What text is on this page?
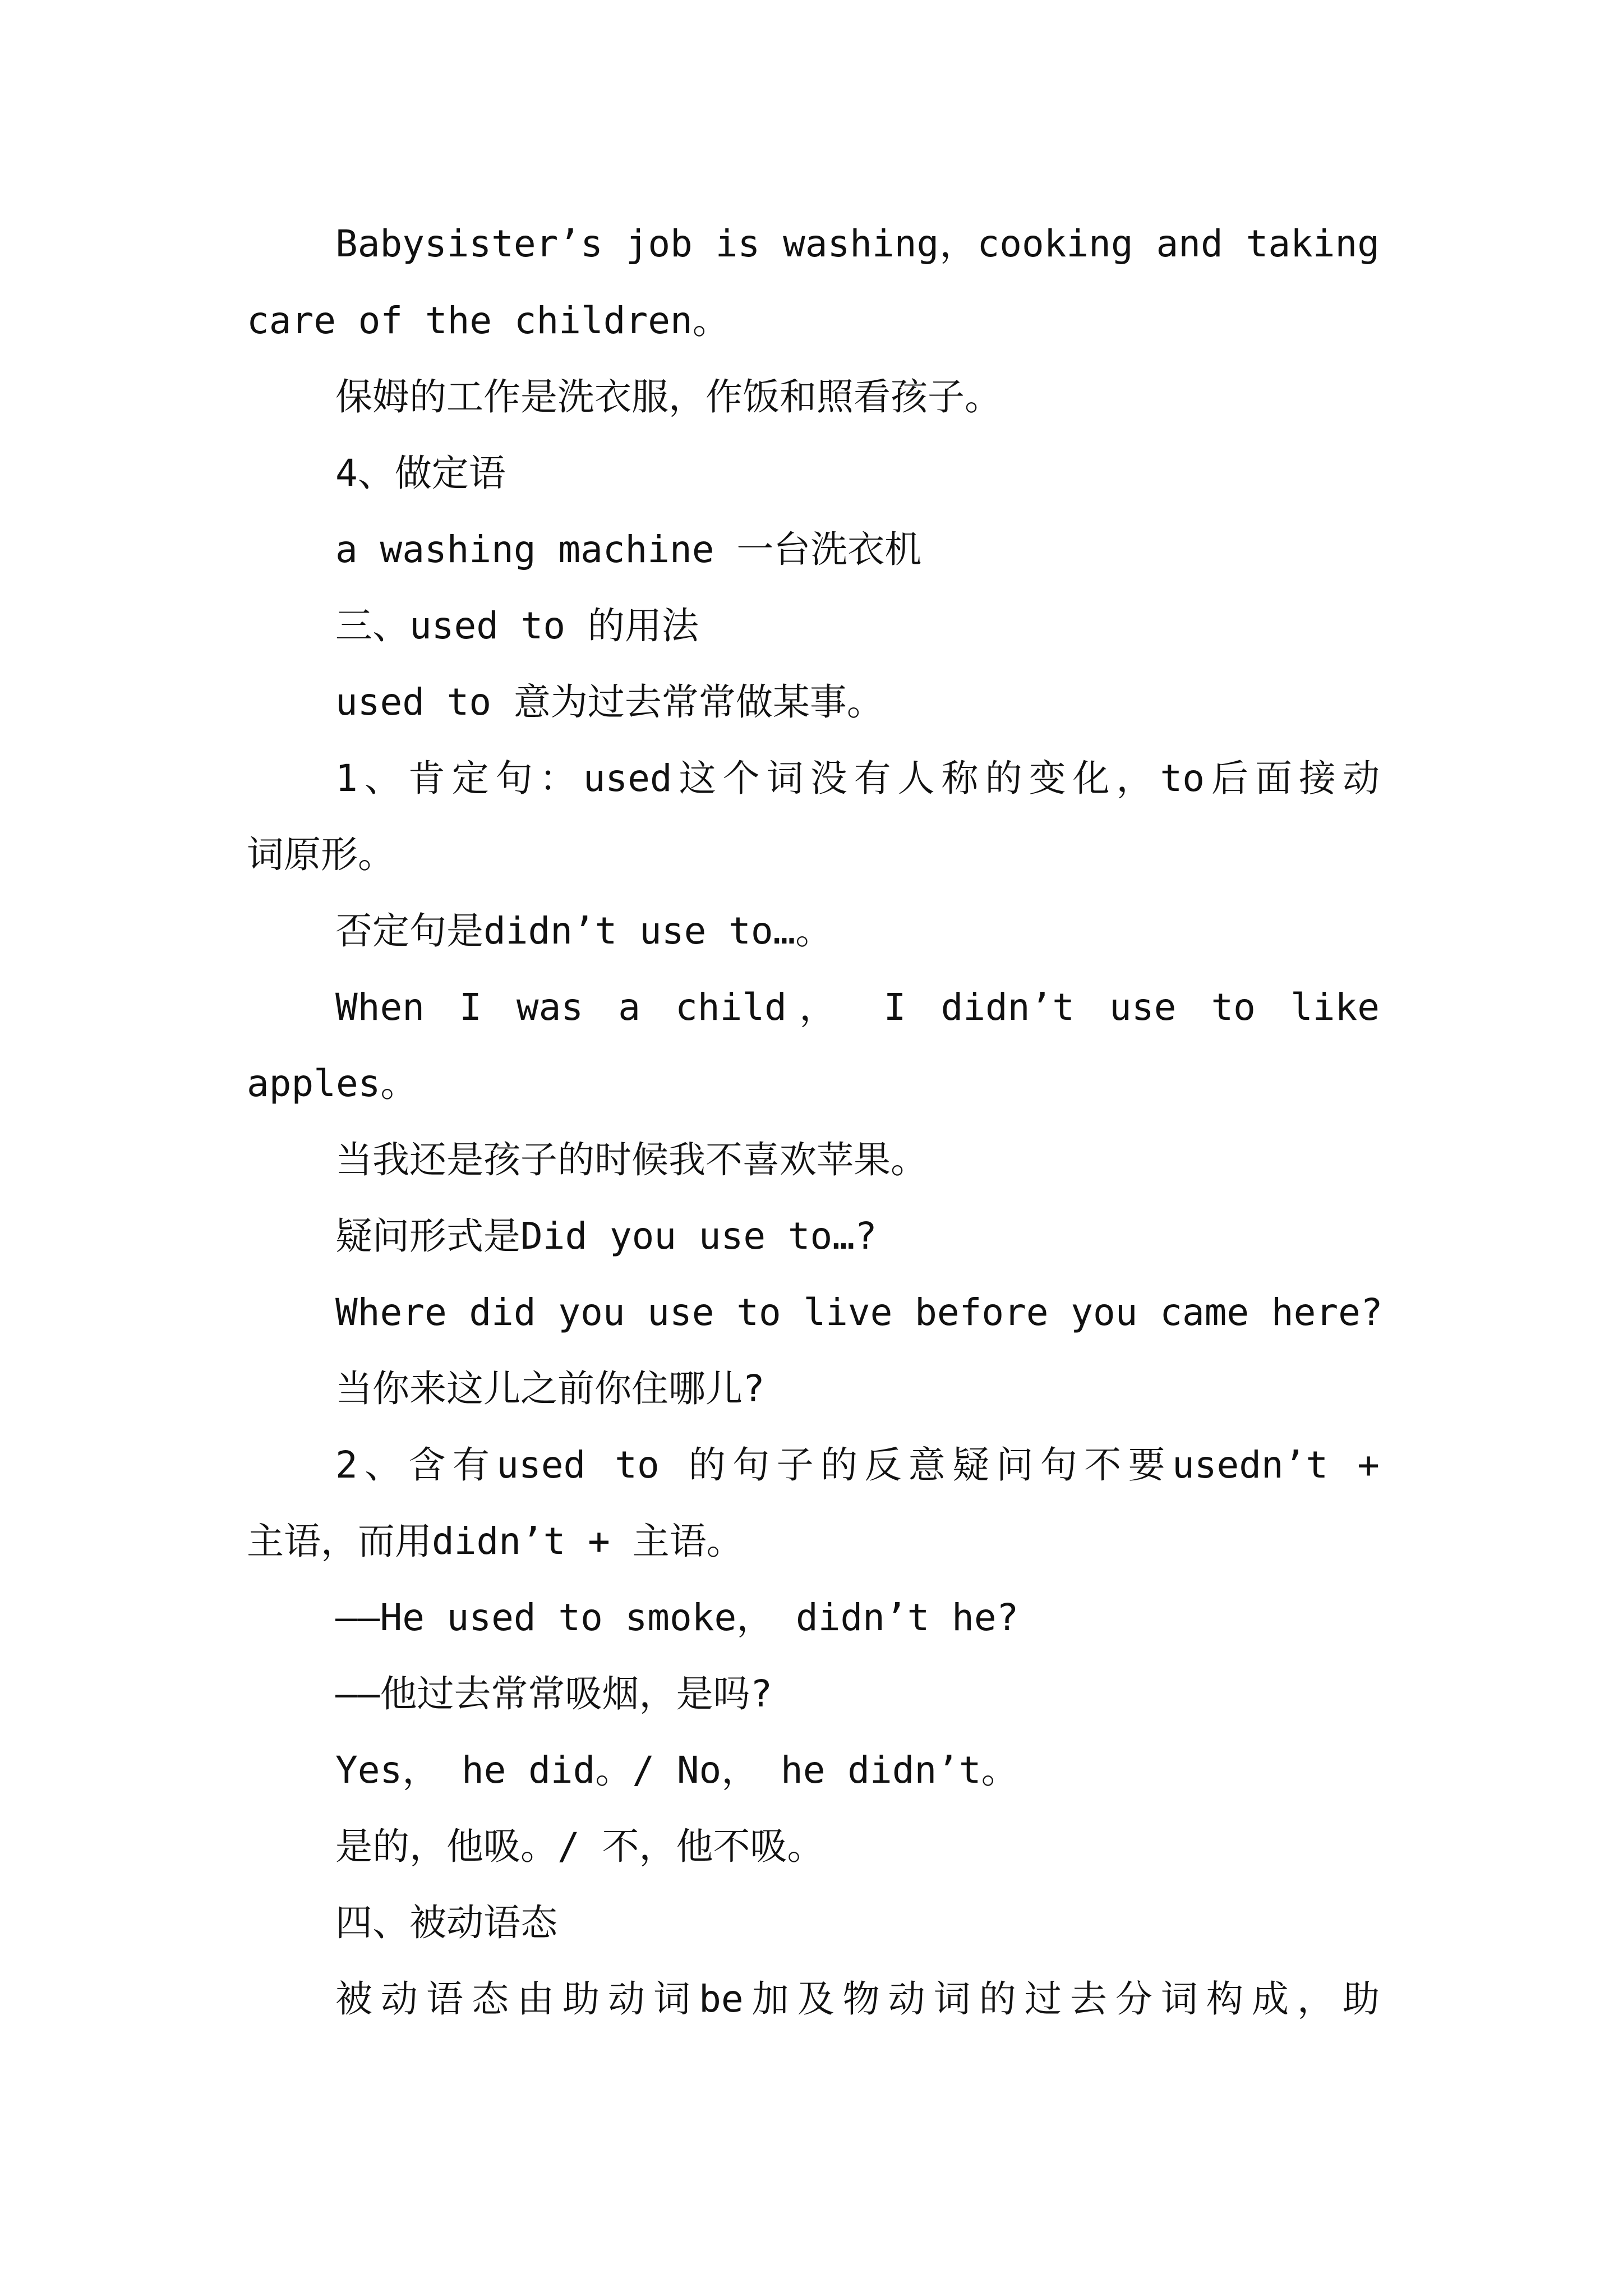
Babysister’s job is washing，cooking and taking
care of the children。
保姆的工作是洗衣服，作饭和照看孩子。
4、做定语
a washing machine 一台洗衣机
三、used to 的用法
used to 意为过去常常做某事。
1、肯定句：used这个词没有人称的变化，to后面接动
词原形。
否定句是didn’t use to…。
When I was a child， I didn’t use to like
apples。
当我还是孩子的时候我不喜欢苹果。
疑问形式是Did you use to…?
Where did you use to live before you came here?
当你来这儿之前你住哪儿?
2、含有used to 的句子的反意疑问句不要usedn’t +
主语，而用didn’t + 主语。
——He used to smoke， didn’t he?
——他过去常常吸烟，是吗?
Yes， he did。/ No， he didn’t。
是的，他吸。/ 不，他不吸。
四、被动语态
被动语态由助动词be加及物动词的过去分词构成，助
